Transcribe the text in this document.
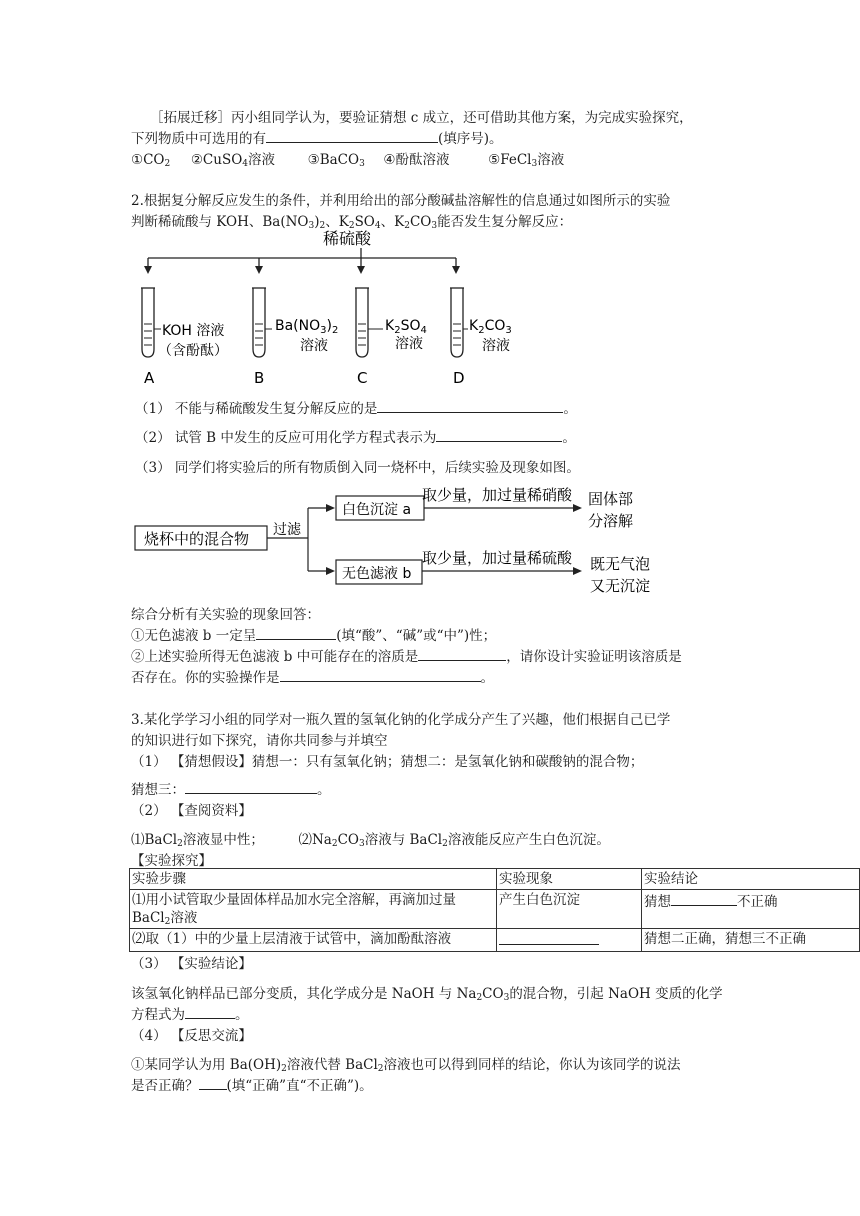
［拓展迁移］丙小组同学认为，要验证猜想 c 成立，还可借助其他方案，为完成实验探究，
下列物质中可选用的有	(填序号)。
$①CO_2$ ②CuSO$_4$溶液 ③BaCO$_3$ ④酚酞溶液	⑤FeCl$_3$溶液
2.根据复分解反应发生的条件，并利用给出的部分酸碱盐溶解性的信息通过如图所示的实验
判断稀硫酸与 KOH、$Ba(NO_3)_2$、$K_2SO_4$、$K_2CO_3$能否发生复分解反应：
稀硫酸
KOH 溶液
（含酚酞）
A
$Ba(NO_3)_2$
溶液
B
$K_2SO_4$
溶液
C
$K_2CO_3$
溶液
D
（1） 不能与稀硫酸发生复分解反应的是	。
（2） 试管 B 中发生的反应可用化学方程式表示为	。
（3） 同学们将实验后的所有物质倒入同一烧杯中，后续实验及现象如图。
烧杯中的混合物 过滤
白色沉淀 a
无色滤液 b
取少量，加过量稀硝酸
取少量，加过量稀硫酸
固体部
分溶解
既无气泡
又无沉淀
综合分析有关实验的现象回答：
①无色滤液 b 一定呈	(填“酸”、“碱”或“中”)性；
②上述实验所得无色滤液 b 中可能存在的溶质是	，请你设计实验证明该溶质是
否存在。你的实验操作是	。
3.某化学学习小组的同学对一瓶久置的氢氧化钠的化学成分产生了兴趣，他们根据自己已学
的知识进行如下探究，请你共同参与并填空
（1） 【猜想假设】猜想一：只有氢氧化钠；猜想二：是氢氧化钠和碳酸钠的混合物；
猜想三：	。
（2） 【查阅资料】
⑴BaCl$_2$溶液显中性；	$⑵Na_2CO_3$溶液与 BaCl$_2$溶液能反应产生白色沉淀。
【实验探究】
实验步骤	实验现象	实验结论
⑴用小试管取少量固体样品加水完全溶解，再滴加过量
BaCl$_2$溶液	产生白色沉淀	猜想 不正确
⑵取（1）中的少量上层清液于试管中，滴加酚酞溶液		猜想二正确，猜想三不正确
（3） 【实验结论】
该氢氧化钠样品已部分变质，其化学成分是 NaOH 与 $Na_2CO_3$的混合物，引起 NaOH 变质的化学
方程式为	。
（4） 【反思交流】
①某同学认为用 $Ba(OH)_2$溶液代替 BaCl$_2$溶液也可以得到同样的结论，你认为该同学的说法
是否正确？ (填“正确”直“不正确”)。
